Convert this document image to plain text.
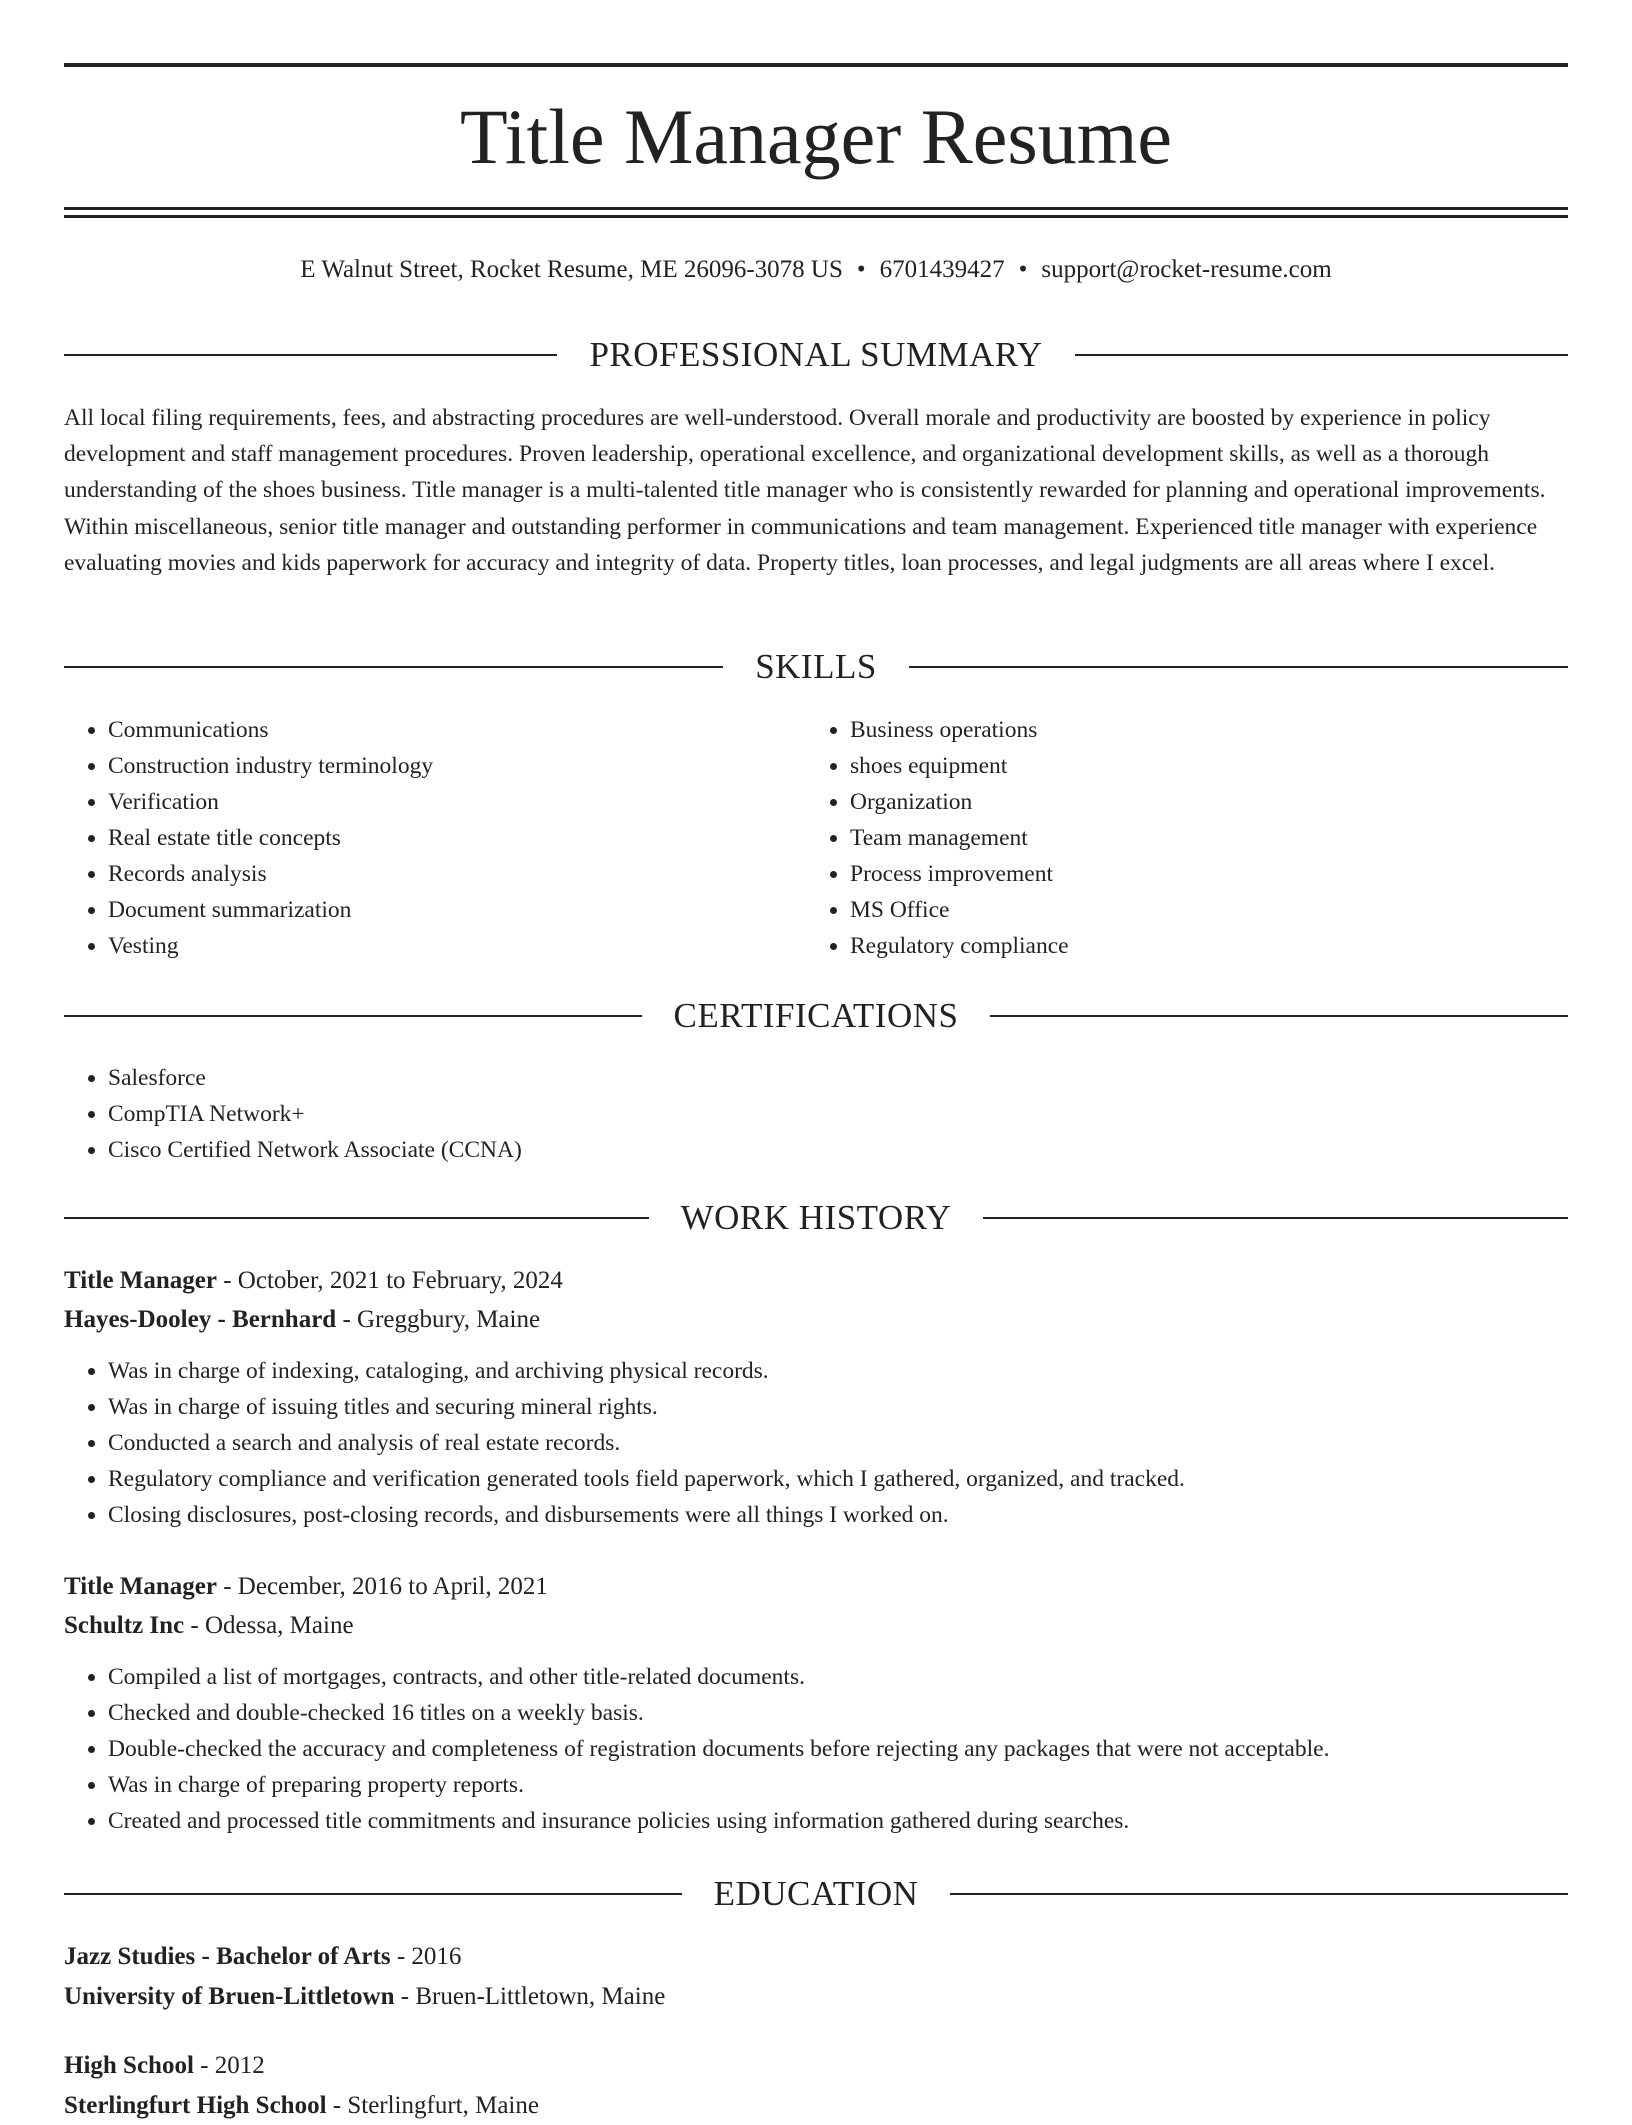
Title Manager Resume
E Walnut Street, Rocket Resume, ME 26096-3078 US • 6701439427 • support@rocket-resume.com
PROFESSIONAL SUMMARY

All local filing requirements, fees, and abstracting procedures are well-understood. Overall morale and productivity are boosted by experience in policy development and staff management procedures. Proven leadership, operational excellence, and organizational development skills, as well as a thorough understanding of the shoes business. Title manager is a multi-talented title manager who is consistently rewarded for planning and operational improvements. Within miscellaneous, senior title manager and outstanding performer in communications and team management. Experienced title manager with experience evaluating movies and kids paperwork for accuracy and integrity of data. Property titles, loan processes, and legal judgments are all areas where I excel.

SKILLS
• Communications
• Construction industry terminology
• Verification
• Real estate title concepts
• Records analysis
• Document summarization
• Vesting
• Business operations
• shoes equipment
• Organization
• Team management
• Process improvement
• MS Office
• Regulatory compliance
CERTIFICATIONS
• Salesforce
• CompTIA Network+
• Cisco Certified Network Associate (CCNA)
WORK HISTORY
Title Manager - October, 2021 to February, 2024
Hayes-Dooley - Bernhard - Greggbury, Maine
• Was in charge of indexing, cataloging, and archiving physical records.
• Was in charge of issuing titles and securing mineral rights.
• Conducted a search and analysis of real estate records.
• Regulatory compliance and verification generated tools field paperwork, which I gathered, organized, and tracked.
• Closing disclosures, post-closing records, and disbursements were all things I worked on.
Title Manager - December, 2016 to April, 2021
Schultz Inc - Odessa, Maine
• Compiled a list of mortgages, contracts, and other title-related documents.
• Checked and double-checked 16 titles on a weekly basis.
• Double-checked the accuracy and completeness of registration documents before rejecting any packages that were not acceptable.
• Was in charge of preparing property reports.
• Created and processed title commitments and insurance policies using information gathered during searches.
EDUCATION
Jazz Studies - Bachelor of Arts - 2016
University of Bruen-Littletown - Bruen-Littletown, Maine
High School - 2012
Sterlingfurt High School - Sterlingfurt, Maine
